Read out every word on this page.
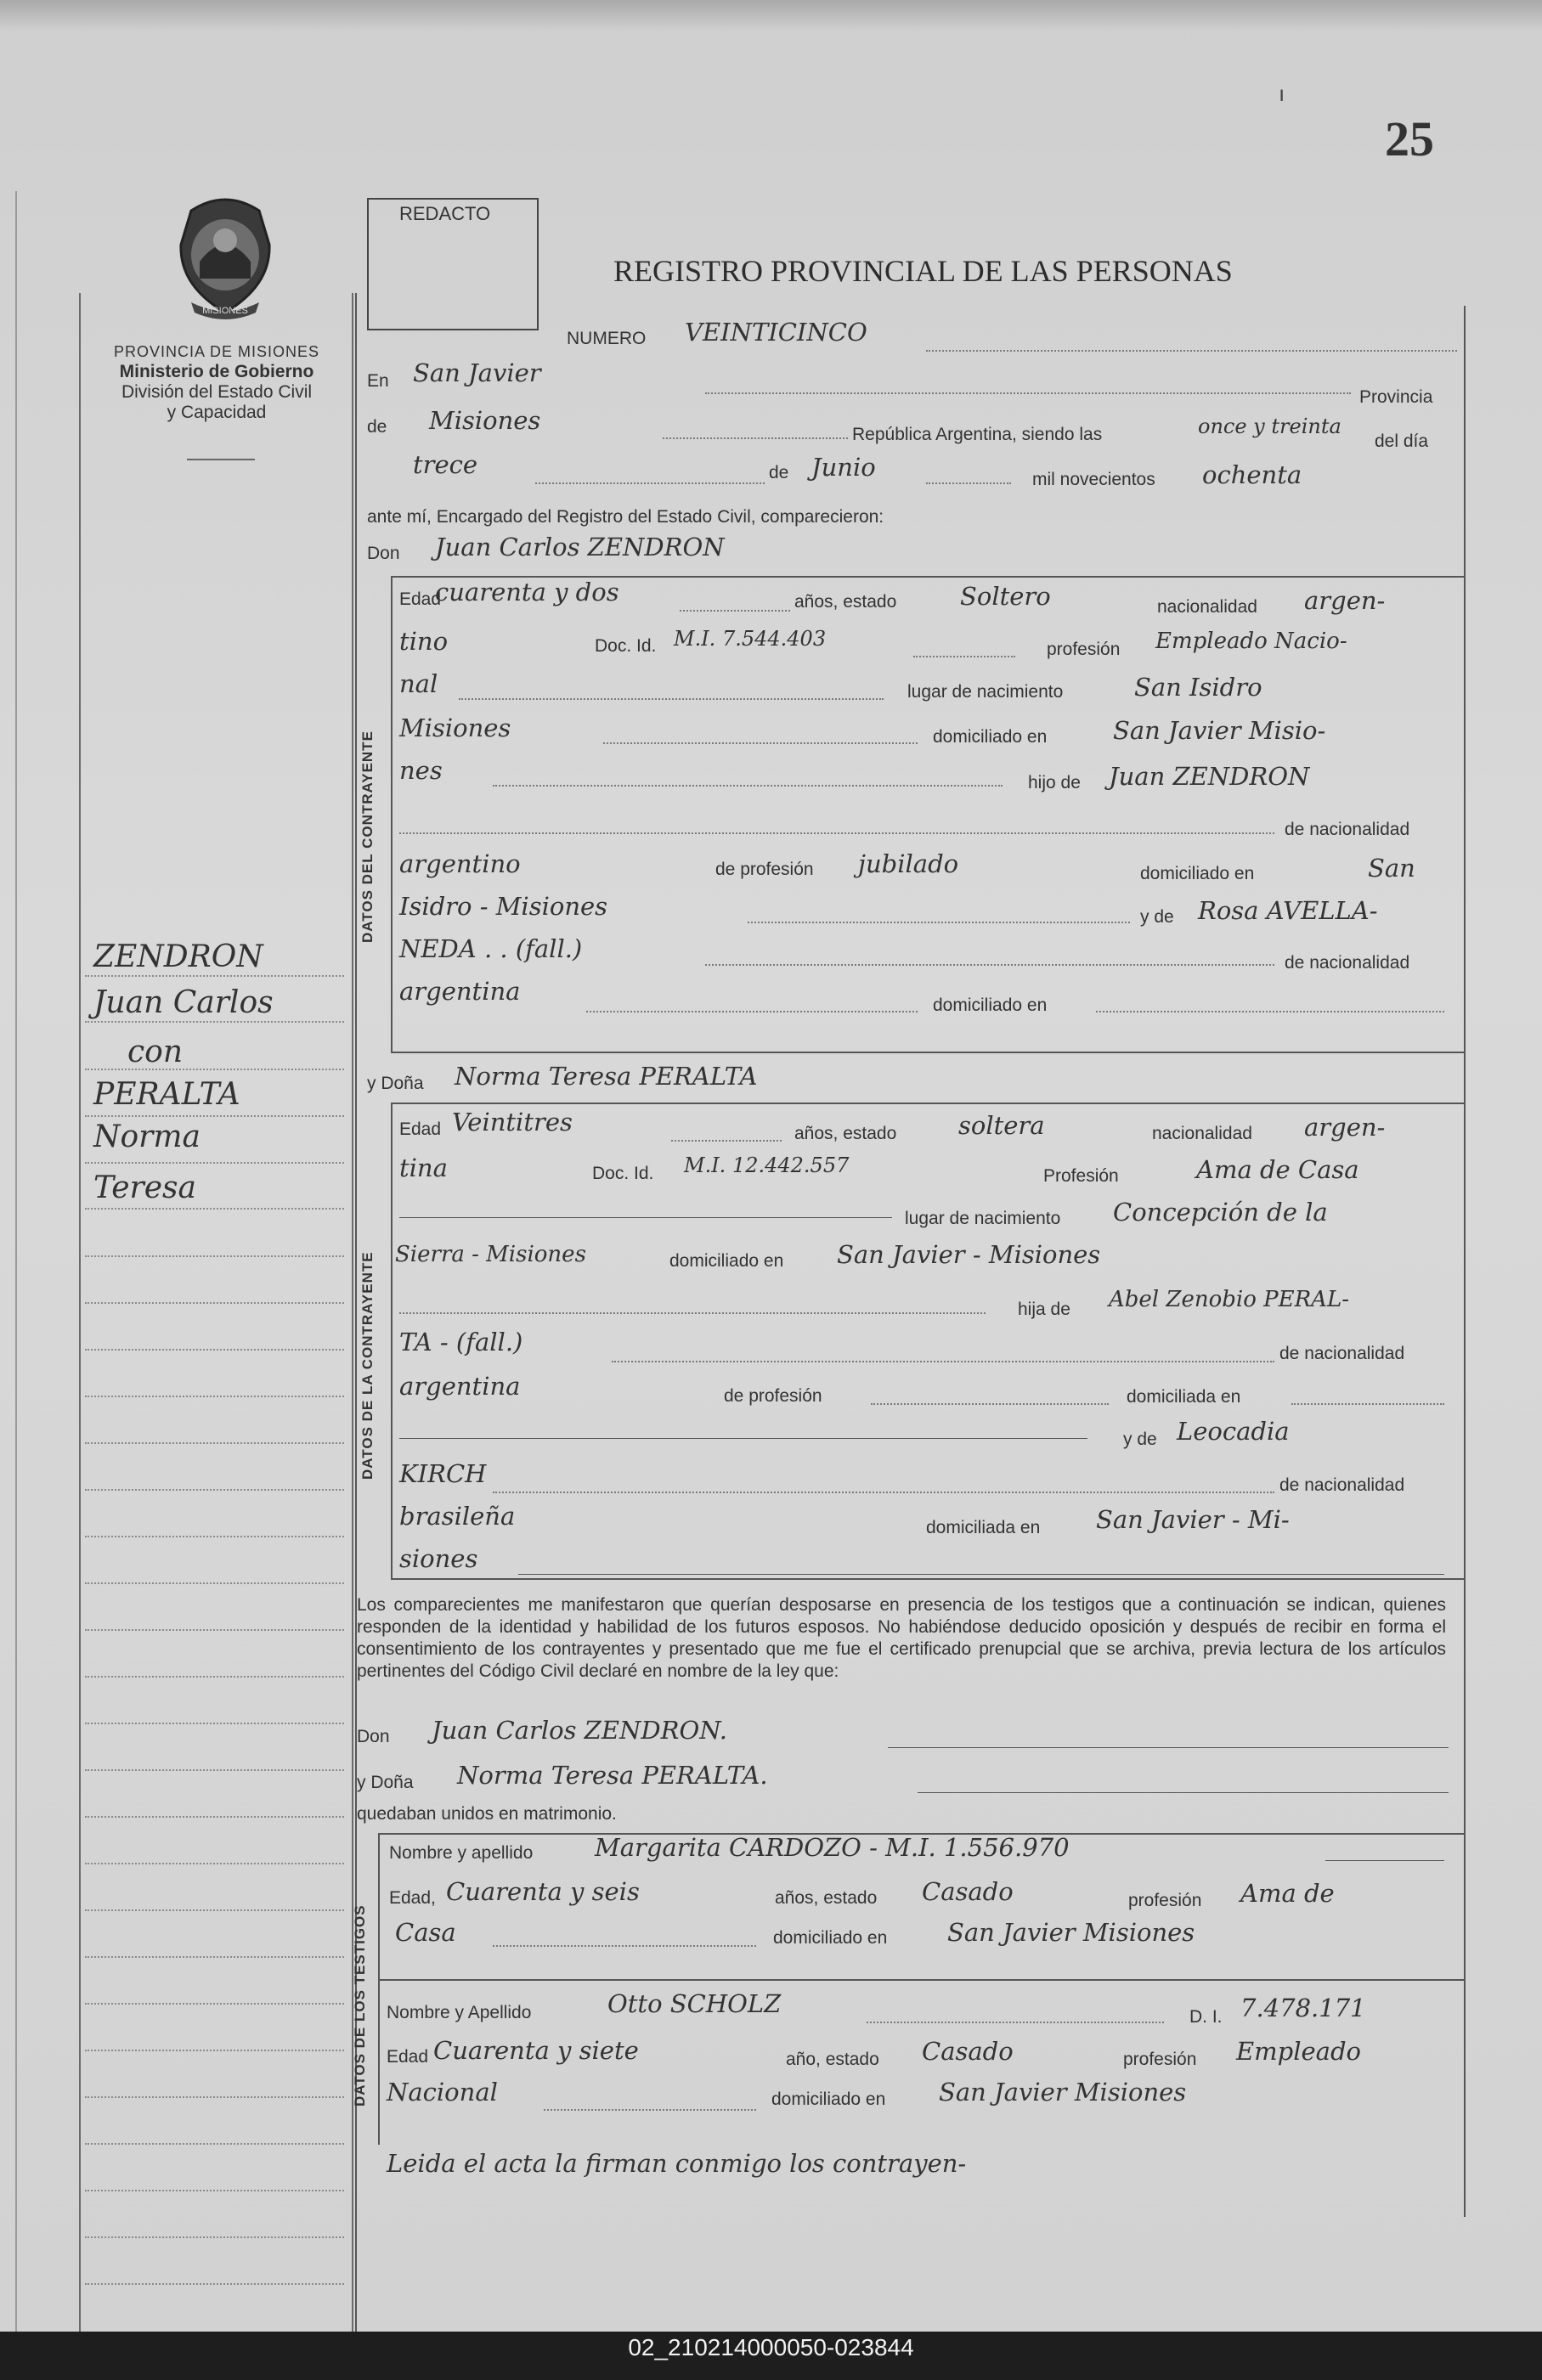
ı
25
MISIONES
PROVINCIA DE MISIONES
Ministerio de Gobierno
División del Estado Civil
y Capacidad
ZENDRON
Juan Carlos
con
PERALTA
Norma
Teresa
REDACTO
REGISTRO PROVINCIAL DE LAS PERSONAS
NUMERO VEINTICINCO
En San Javier
Provincia
de Misiones	República Argentina, siendo las	once y treinta
del día
trece	de Junio	mil novecientos ochenta
ante mí, Encargado del Registro del Estado Civil, comparecieron:
Don Juan Carlos ZENDRON
DATOS DEL CONTRAYENTE
Edad
cuarenta y dos	años, estado	Soltero	nacionalidad argen-
tino	Doc. Id. M.I. 7.544.403	profesión Empleado Nacio-
nal	lugar de nacimiento	San Isidro
Misiones	domiciliado en	San Javier Misio-
nes	hijo de Juan ZENDRON
de nacionalidad
argentino	de profesión jubilado	domiciliado en	San
Isidro - Misiones	y de Rosa AVELLA-
NEDA . . (fall.)	de nacionalidad
argentina	domiciliado en
y Doña Norma Teresa PERALTA
DATOS DE LA CONTRAYENTE
Edad Veintitres	años, estado	soltera	nacionalidad argen-
tina	Doc. Id. M.I. 12.442.557	Profesión	Ama de Casa
lugar de nacimiento Concepción de la
Sierra - Misiones	domiciliado en San Javier - Misiones
hija de Abel Zenobio PERAL-
TA - (fall.)	de nacionalidad
argentina	de profesión	domiciliada en
y de Leocadia
KIRCH	de nacionalidad
brasileña	domiciliada en San Javier - Mi-
siones
Los comparecientes me manifestaron que querían desposarse en presencia de los testigos que a continuación se indican, quienes responden de la identidad y habilidad de los futuros esposos. No habiéndose deducido oposición y después de recibir en forma el consentimiento de los contrayentes y presentado que me fue el certificado prenupcial que se archiva, previa lectura de los artículos pertinentes del Código Civil declaré en nombre de la ley que:
Don Juan Carlos ZENDRON.
y Doña Norma Teresa PERALTA.
quedaban unidos en matrimonio.
DATOS DE LOS TESTIGOS
Nombre y apellido	Margarita CARDOZO - M.I. 1.556.970
Edad, Cuarenta y seis	años, estado Casado	profesión Ama de
Casa	domiciliado en San Javier Misiones
Nombre y Apellido	Otto SCHOLZ	D. I. 7.478.171
Edad Cuarenta y siete	año, estado Casado	profesión Empleado
Nacional	domiciliado en San Javier Misiones
Leida el acta la firman conmigo los contrayen-
02_210214000050-023844
